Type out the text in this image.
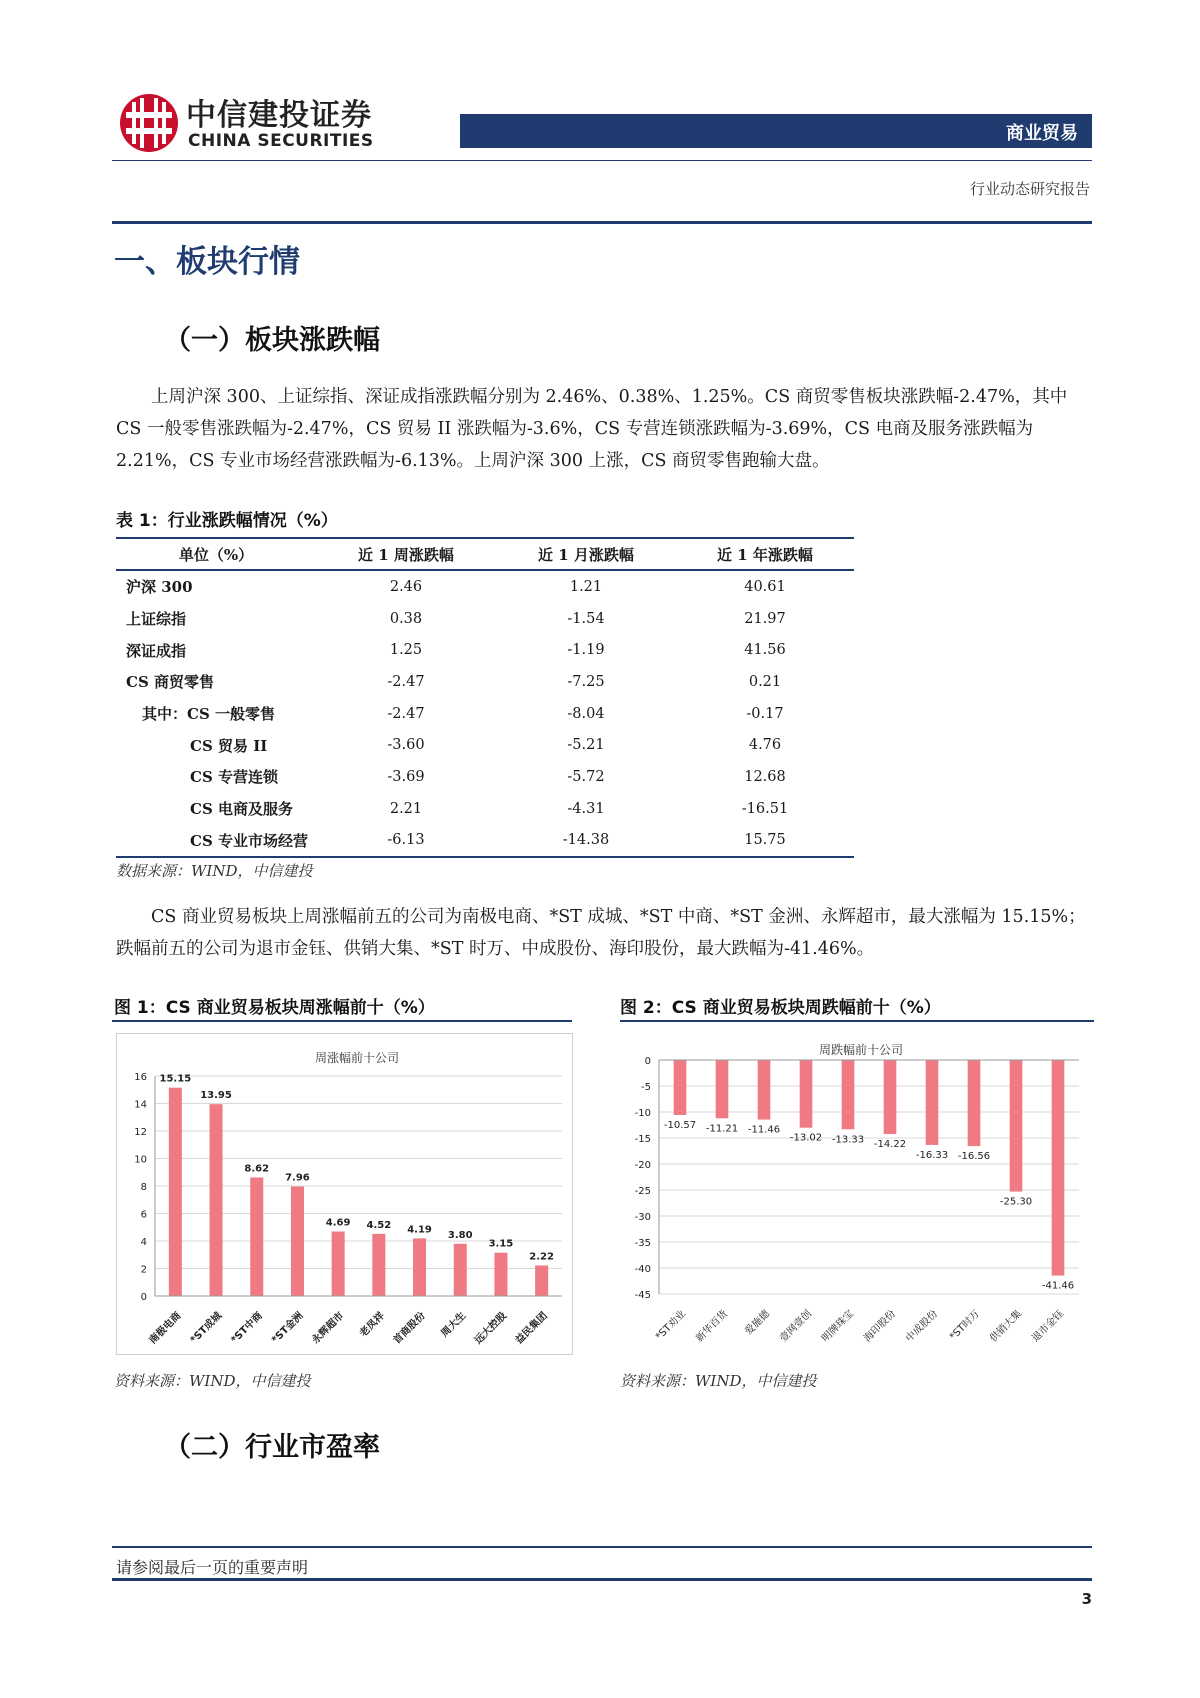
中信建投证券
CHINA SECURITIES	商业贸易
行业动态研究报告
一、板块行情
（一）板块涨跌幅

上周沪深 300、上证综指、深证成指涨跌幅分别为 2.46%、0.38%、1.25%。CS 商贸零售板块涨跌幅-2.47%，其中 CS 一般零售涨跌幅为-2.47%，CS 贸易 II 涨跌幅为-3.6%，CS 专营连锁涨跌幅为-3.69%，CS 电商及服务涨跌幅为 2.21%，CS 专业市场经营涨跌幅为-6.13%。上周沪深 300 上涨，CS 商贸零售跑输大盘。

表 1：行业涨跌幅情况（%）
单位（%）	近 1 周涨跌幅	近 1 月涨跌幅	近 1 年涨跌幅
沪深 300	2.46	1.21	40.61
上证综指	0.38	-1.54	21.97
深证成指	1.25	-1.19	41.56
CS 商贸零售	-2.47	-7.25	0.21
其中：CS 一般零售	-2.47	-8.04	-0.17
CS 贸易 II	-3.60	-5.21	4.76
CS 专营连锁	-3.69	-5.72	12.68
CS 电商及服务	2.21	-4.31	-16.51
CS 专业市场经营	-6.13	-14.38	15.75
数据来源：WIND，中信建投

CS 商业贸易板块上周涨幅前五的公司为南极电商、*ST 成城、*ST 中商、*ST 金洲、永辉超市，最大涨幅为 15.15%；跌幅前五的公司为退市金钰、供销大集、*ST 时万、中成股份、海印股份，最大跌幅为-41.46%。

图 1：CS 商业贸易板块周涨幅前十（%）
周涨幅前十公司
0
2
4
6
8
10
12
14
16 15.15
南极电商
13.95
*ST成城
8.62
*ST中商
7.96
*ST金洲
4.69
永辉超市
4.52
老凤祥
4.19
首商股份
3.80
周大生
3.15
远大控股
2.22
益民集团
资料来源：WIND，中信建投
图 2：CS 商业贸易板块周跌幅前十（%）
周跌幅前十公司
0
-5
-10
-15
-20
-25
-30
-35
-40
-45
-10.57
*ST劝业
-11.21
新华百货
-11.46
爱施德
-13.02
壹网壹创
-13.33
明牌珠宝
-14.22
海印股份
-16.33
中成股份
-16.56
*ST时万
-25.30
供销大集
-41.46
退市金钰
资料来源：WIND，中信建投
（二）行业市盈率
请参阅最后一页的重要声明
3
